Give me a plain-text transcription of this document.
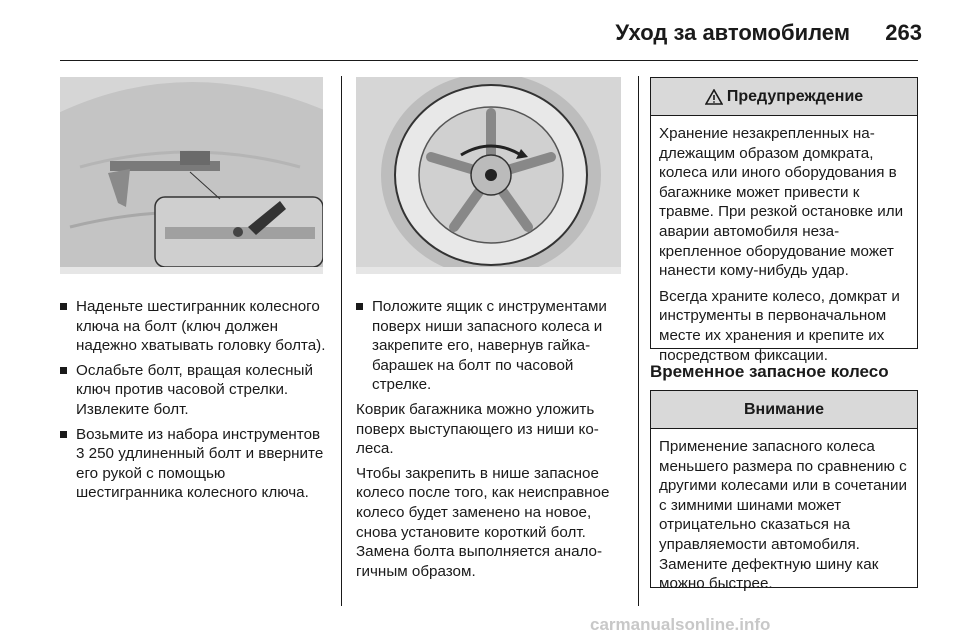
Уход за автомобилем 263
Наденьте шестигранник колесного ключа на болт (ключ должен надежно хватывать головку болта).
Ослабьте болт, вращая колесный ключ против часовой стрелки. Извлеките болт.
Возьмите из набора инструментов 3 250 удлиненный болт и вверните его рукой с помощью шестигранника колесного ключа.
Положите ящик с инструментами поверх ниши запасного колеса и закрепите его, навернув гайка-барашек на болт по часовой стрелке.

Коврик багажника можно уложить поверх выступающего из ниши колеса.

Чтобы закрепить в нише запасное колесо после того, как неисправное колесо будет заменено на новое, снова установите короткий болт. Замена болта выполняется аналогичным образом.

Предупреждение

Хранение незакрепленных надлежащим образом домкрата, колеса или иного оборудования в багажнике может привести к травме. При резкой остановке или аварии автомобиля незакрепленное оборудование может нанести кому-нибудь удар.

Всегда храните колесо, домкрат и инструменты в первоначальном месте их хранения и крепите их посредством фиксации.

Временное запасное колесо
Внимание

Применение запасного колеса меньшего размера по сравнению с другими колесами или в сочетании с зимними шинами может отрицательно сказаться на управляемости автомобиля. Замените дефектную шину как можно быстрее.

carmanualsonline.info
